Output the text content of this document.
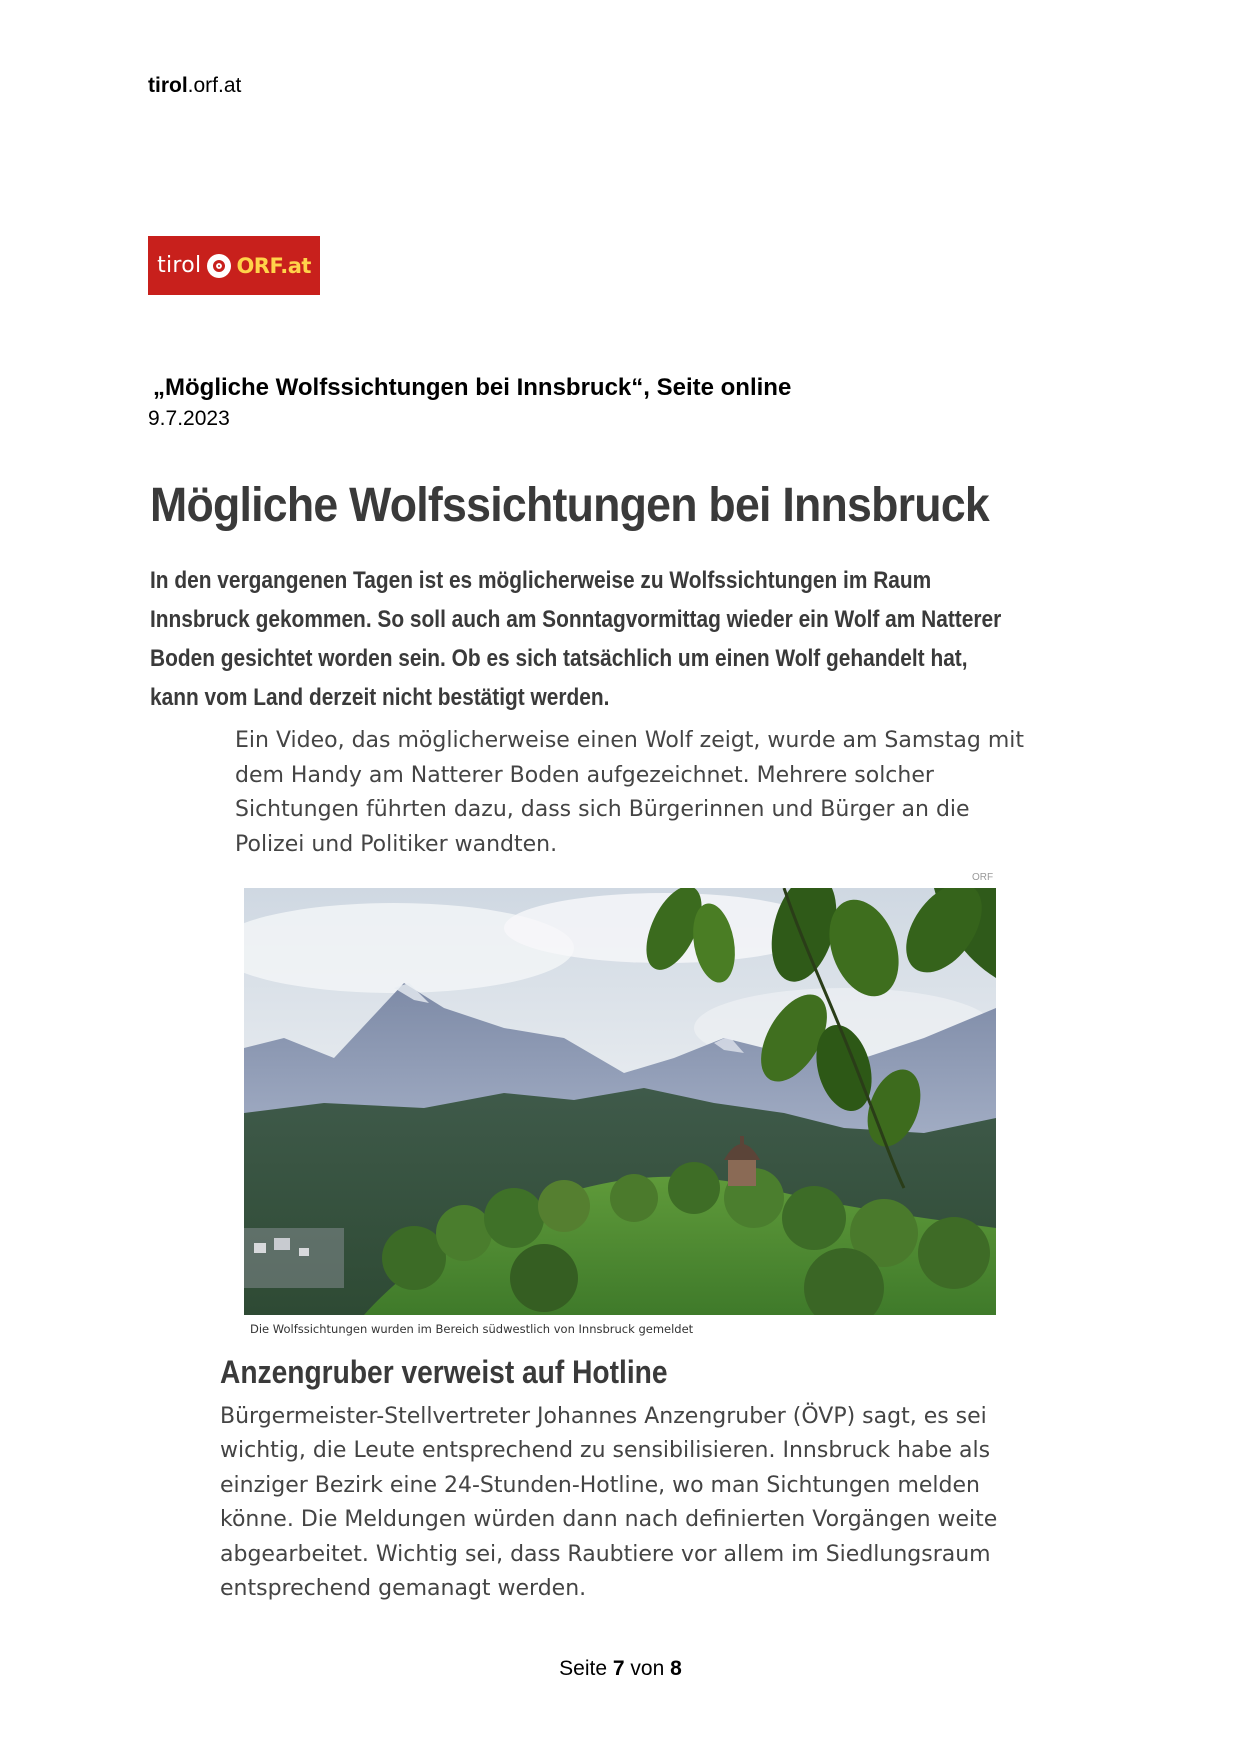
tirol.orf.at
tirol ORF.at
„Mögliche Wolfssichtungen bei Innsbruck“, Seite online
9.7.2023
Mögliche Wolfssichtungen bei Innsbruck
In den vergangenen Tagen ist es möglicherweise zu Wolfssichtungen im Raum Innsbruck gekommen. So soll auch am Sonntagvormittag wieder ein Wolf am Natterer Boden gesichtet worden sein. Ob es sich tatsächlich um einen Wolf gehandelt hat, kann vom Land derzeit nicht bestätigt werden.
Ein Video, das möglicherweise einen Wolf zeigt, wurde am Samstag mit dem Handy am Natterer Boden aufgezeichnet. Mehrere solcher Sichtungen führten dazu, dass sich Bürgerinnen und Bürger an die Polizei und Politiker wandten.
ORF
Die Wolfssichtungen wurden im Bereich südwestlich von Innsbruck gemeldet
Anzengruber verweist auf Hotline
Bürgermeister-Stellvertreter Johannes Anzengruber (ÖVP) sagt, es sei wichtig, die Leute entsprechend zu sensibilisieren. Innsbruck habe als einziger Bezirk eine 24-Stunden-Hotline, wo man Sichtungen melden könne. Die Meldungen würden dann nach definierten Vorgängen weite abgearbeitet. Wichtig sei, dass Raubtiere vor allem im Siedlungsraum entsprechend gemanagt werden.
Seite 7 von 8
